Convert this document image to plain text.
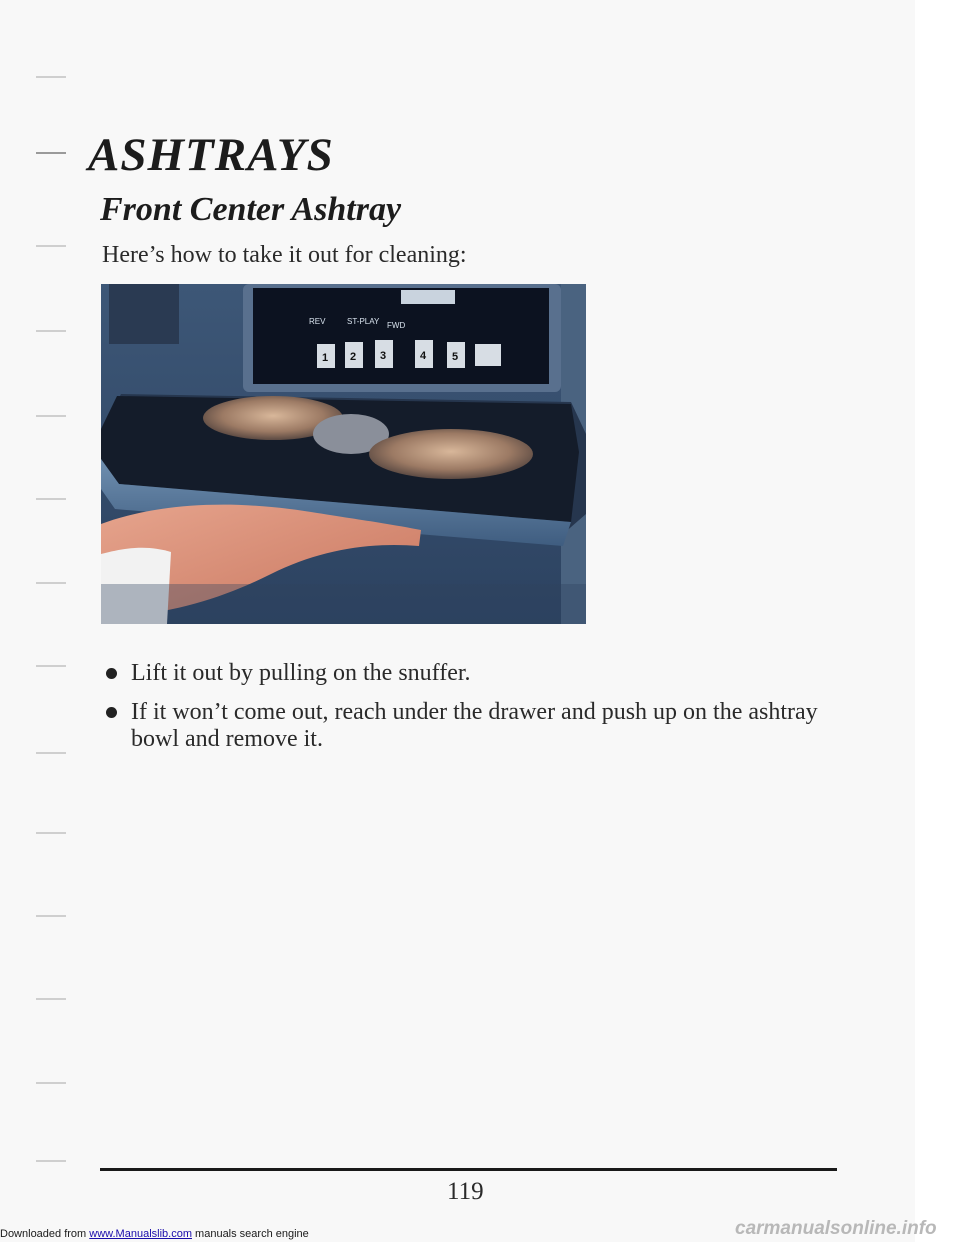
ASHTRAYS
Front Center Ashtray

Here’s how to take it out for cleaning:

ST-PLAY FWD
REV
1 2 3	4 5
Lift it out by pulling on the snuffer.
If it won’t come out, reach under the drawer and push up on the ashtray bowl and remove it.

119

Downloaded from www.Manualslib.com manuals search engine	carmanualsonline.info
